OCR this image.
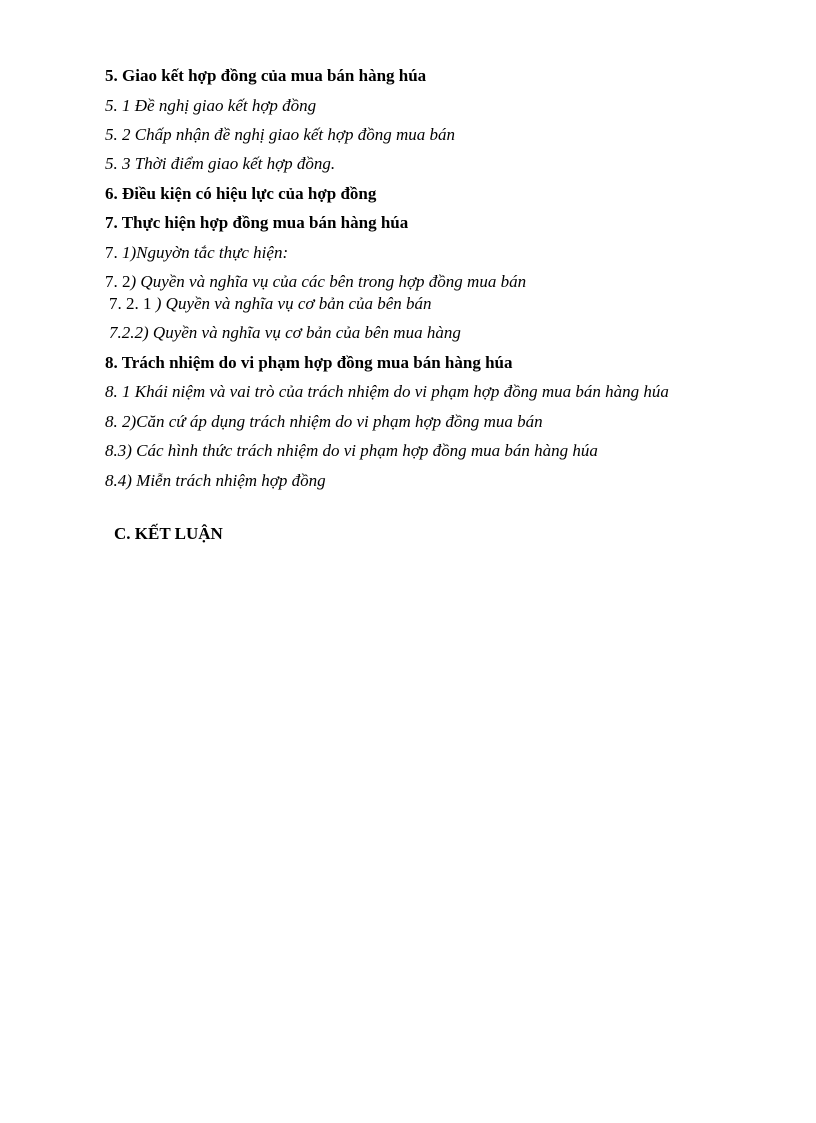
5. Giao kết hợp đồng của mua bán hàng húa
5. 1 Đề nghị giao kết hợp đồng
5. 2 Chấp nhận đề nghị giao kết hợp đồng mua bán
5. 3 Thời điểm giao kết hợp đồng.
6. Điều kiện có hiệu lực của hợp đồng
7. Thực hiện hợp đồng mua bán hàng húa
7. 1)Nguyờn tắc thực hiện:
7. 2) Quyền và nghĩa vụ của các bên trong hợp đồng mua bán
7. 2. 1 ) Quyền và nghĩa vụ cơ bản của bên bán
7.2.2) Quyền và nghĩa vụ cơ bản của bên mua hàng
8. Trách nhiệm do vi phạm hợp đồng mua bán hàng húa
8. 1 Khái niệm và vai trò của trách nhiệm do vi phạm hợp đồng mua bán hàng húa
8. 2)Căn cứ áp dụng trách nhiệm do vi phạm hợp đồng mua bán
8.3) Các hình thức trách nhiệm do vi phạm hợp đồng mua bán hàng húa
8.4) Miễn trách nhiệm hợp đồng
C. KẾT LUẬN
